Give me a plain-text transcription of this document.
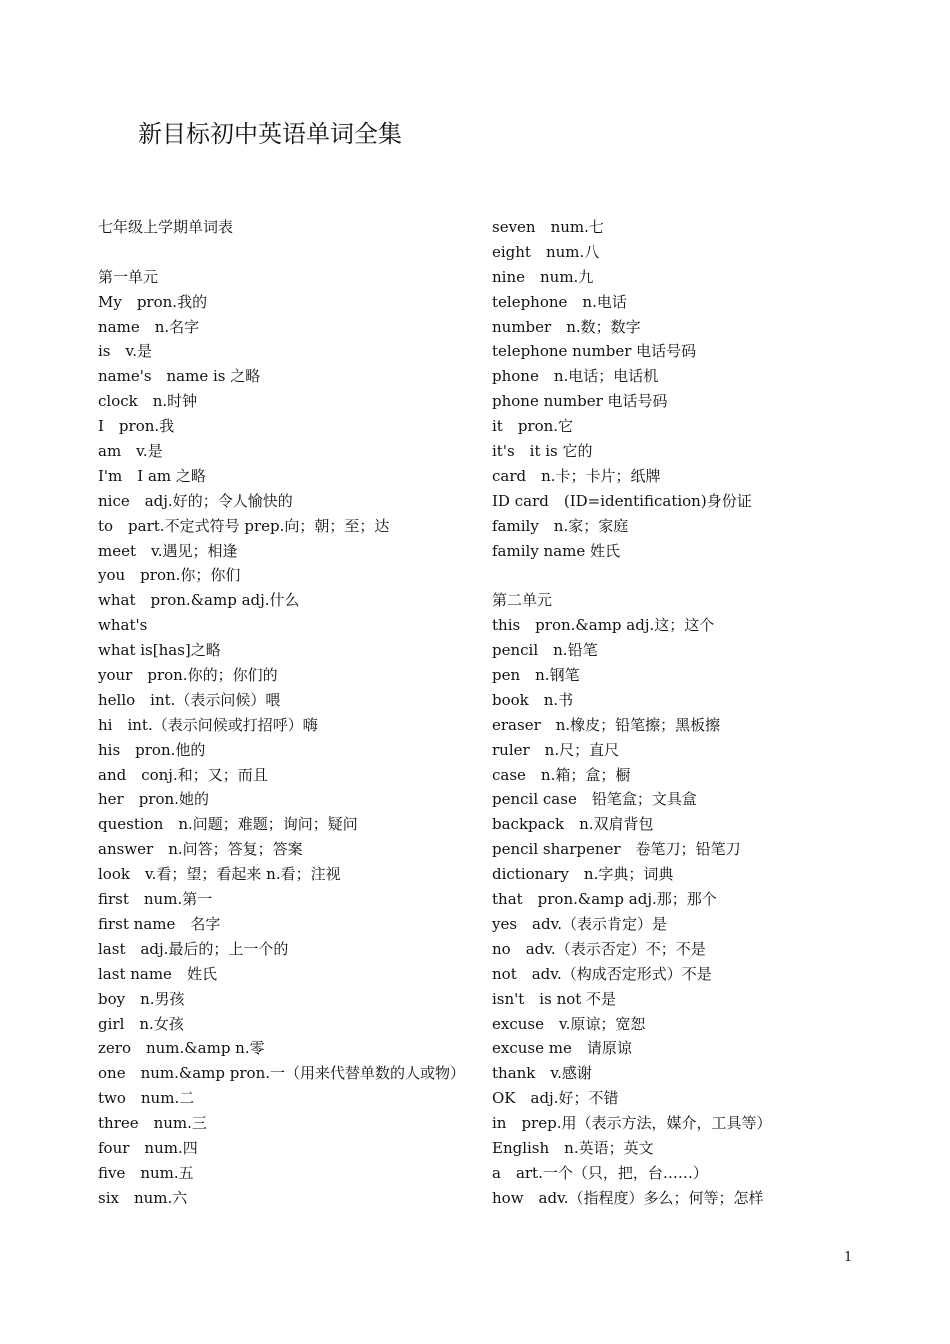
新目标初中英语单词全集
七年级上学期单词表
第一单元
My　pron.我的
name　n.名字
is　v.是
name's　name is 之略
clock　n.时钟
I　pron.我
am　v.是
I'm　I am 之略
nice　adj.好的；令人愉快的
to　part.不定式符号 prep.向；朝；至；达
meet　v.遇见；相逢
you　pron.你；你们
what　pron.&amp adj.什么
what's
what is[has]之略
your　pron.你的；你们的
hello　int.（表示问候）喂
hi　int.（表示问候或打招呼）嗨
his　pron.他的
and　conj.和；又；而且
her　pron.她的
question　n.问题；难题；询问；疑问
answer　n.问答；答复；答案
look　v.看；望；看起来 n.看；注视
first　num.第一
first name　名字
last　adj.最后的；上一个的
last name　姓氏
boy　n.男孩
girl　n.女孩
zero　num.&amp n.零
one　num.&amp pron.一（用来代替单数的人或物）
two　num.二
three　num.三
four　num.四
five　num.五
six　num.六
seven　num.七
eight　num.八
nine　num.九
telephone　n.电话
number　n.数；数字
telephone number 电话号码
phone　n.电话；电话机
phone number 电话号码
it　pron.它
it's　it is 它的
card　n.卡；卡片；纸牌
ID card　(ID=identification)身份证
family　n.家；家庭
family name 姓氏
第二单元
this　pron.&amp adj.这；这个
pencil　n.铅笔
pen　n.钢笔
book　n.书
eraser　n.橡皮；铅笔擦；黑板擦
ruler　n.尺；直尺
case　n.箱；盒；橱
pencil case　铅笔盒；文具盒
backpack　n.双肩背包
pencil sharpener　卷笔刀；铅笔刀
dictionary　n.字典；词典
that　pron.&amp adj.那；那个
yes　adv.（表示肯定）是
no　adv.（表示否定）不；不是
not　adv.（构成否定形式）不是
isn't　is not 不是
excuse　v.原谅；宽恕
excuse me　请原谅
thank　v.感谢
OK　adj.好；不错
in　prep.用（表示方法，媒介，工具等）
English　n.英语；英文
a　art.一个（只，把，台……）
how　adv.（指程度）多么；何等；怎样
1
